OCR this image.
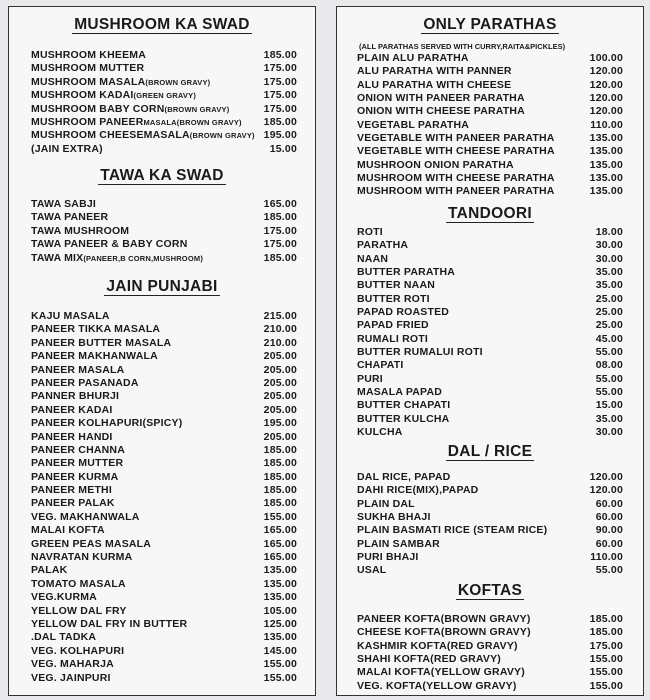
MUSHROOM KA SWAD
MUSHROOM KHEEMA	185.00
MUSHROOM MUTTER	175.00
MUSHROOM MASALA(BROWN GRAVY)	175.00
MUSHROOM KADAI(GREEN GRAVY)	175.00
MUSHROOM BABY CORN(BROWN GRAVY)	175.00
MUSHROOM PANEERMASALA(BROWN GRAVY) 185.00
MUSHROOM CHEESEMASALA(BROWN GRAVY) 195.00
(JAIN EXTRA)	15.00
TAWA KA SWAD
TAWA SABJI	165.00
TAWA PANEER	185.00
TAWA MUSHROOM	175.00
TAWA PANEER & BABY CORN	175.00
TAWA MIX(PANEER,B CORN,MUSHROOM)	185.00
JAIN PUNJABI
KAJU MASALA	215.00
PANEER TIKKA MASALA	210.00
PANEER BUTTER MASALA	210.00
PANEER MAKHANWALA	205.00
PANEER MASALA	205.00
PANEER PASANADA	205.00
PANNER BHURJI	205.00
PANEER KADAI	205.00
PANEER KOLHAPURI(SPICY)	195.00
PANEER HANDI	205.00
PANEER CHANNA	185.00
PANEER MUTTER	185.00
PANEER KURMA	185.00
PANEER METHI	185.00
PANEER PALAK	185.00
VEG. MAKHANWALA	155.00
MALAI KOFTA	165.00
GREEN PEAS MASALA	165.00
NAVRATAN KURMA	165.00
PALAK	135.00
TOMATO MASALA	135.00
VEG.KURMA	135.00
YELLOW DAL FRY	105.00
YELLOW DAL FRY IN BUTTER	125.00
.DAL TADKA	135.00
VEG. KOLHAPURI	145.00
VEG. MAHARJA	155.00
VEG. JAINPURI	155.00
ONLY PARATHAS
(ALL PARATHAS SERVED WITH CURRY,RAITA&PICKLES)
PLAIN ALU PARATHA	100.00
ALU PARATHA WITH PANNER	120.00
ALU PARATHA WITH CHEESE	120.00
ONION WITH PANEER PARATHA	120.00
ONION WITH CHEESE PARATHA	120.00
VEGETABL PARATHA	110.00
VEGETABLE WITH PANEER PARATHA	135.00
VEGETABLE WITH CHEESE PARATHA	135.00
MUSHROON ONION PARATHA	135.00
MUSHROOM WITH CHEESE PARATHA	135.00
MUSHROOM WITH PANEER PARATHA	135.00
TANDOORI
ROTI	18.00
PARATHA	30.00
NAAN	30.00
BUTTER PARATHA	35.00
BUTTER NAAN	35.00
BUTTER ROTI	25.00
PAPAD ROASTED	25.00
PAPAD FRIED	25.00
RUMALI ROTI	45.00
BUTTER RUMALUI ROTI	55.00
CHAPATI	08.00
PURI	55.00
MASALA PAPAD	55.00
BUTTER CHAPATI	15.00
BUTTER KULCHA	35.00
KULCHA	30.00
DAL / RICE
DAL RICE, PAPAD	120.00
DAHI RICE(MIX),PAPAD	120.00
PLAIN DAL	60.00
SUKHA BHAJI	60.00
PLAIN BASMATI RICE (STEAM RICE)	90.00
PLAIN SAMBAR	60.00
PURI BHAJI	110.00
USAL	55.00
KOFTAS
PANEER KOFTA(BROWN GRAVY)	185.00
CHEESE KOFTA(BROWN GRAVY)	185.00
KASHMIR KOFTA(RED GRAVY)	175.00
SHAHI KOFTA(RED GRAVY)	155.00
MALAI KOFTA(YELLOW GRAVY)	155.00
VEG. KOFTA(YELLOW GRAVY)	155.00
